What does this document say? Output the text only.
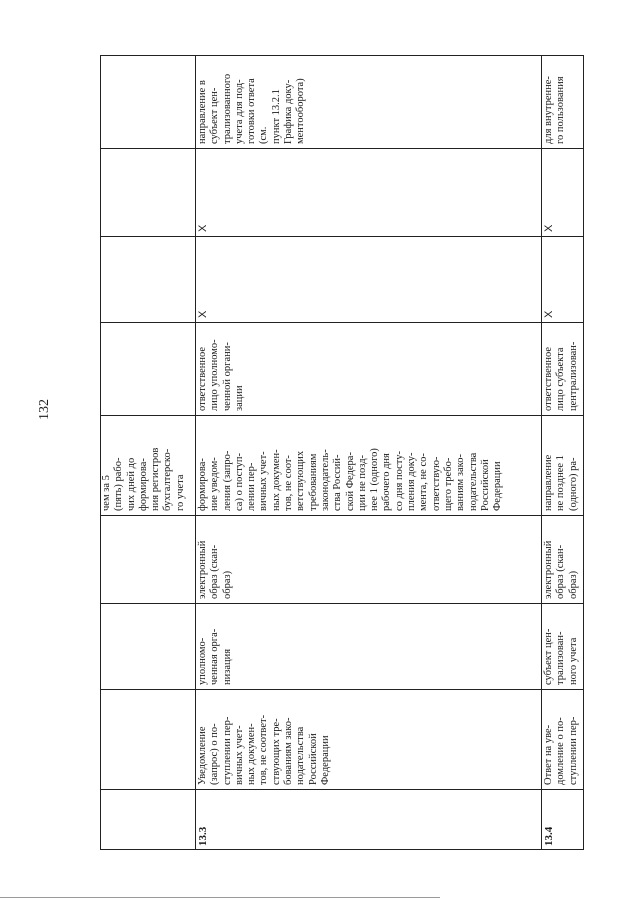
132
чем за 5
(пять) рабо-
чих дней до
формирова-
ния регистров
бухгалтерско-
го учета
13.3
Уведомление
(запрос) о по-
ступлении пер-
вичных учет-
ных докумен-
тов, не соответ-
ствующих тре-
бованиям зако-
нодательства
Российской
Федерации
уполномо-
ченная орга-
низация
электронный
образ (скан-
образ)
формирова-
ние уведом-
ления (запро-
са) о поступ-
лении пер-
вичных учет-
ных докумен-
тов, не соот-
ветствующих
требованиям
законодатель-
ства Россий-
ской Федера-
ции не позд-
нее 1 (одного)
рабочего дня
со дня посту-
пления доку-
мента, не со-
ответствую-
щего требо-
ваниям зако-
нодательства
Российской
Федерации
ответственное
лицо уполномо-
ченной органи-
зации
Х
Х
направление в
субъект цен-
трализованного
учета для под-
готовки ответа
(см.
пункт 13.2.1
Графика доку-
ментооборота)
13.4
Ответ на уве-
домление о по-
ступлении пер-
субъект цен-
трализован-
ного учета
электронный
образ (скан-
образ)
направление
не позднее 1
(одного) ра-
ответственное
лицо субъекта
централизован-
Х
Х
для внутренне-
го пользования
